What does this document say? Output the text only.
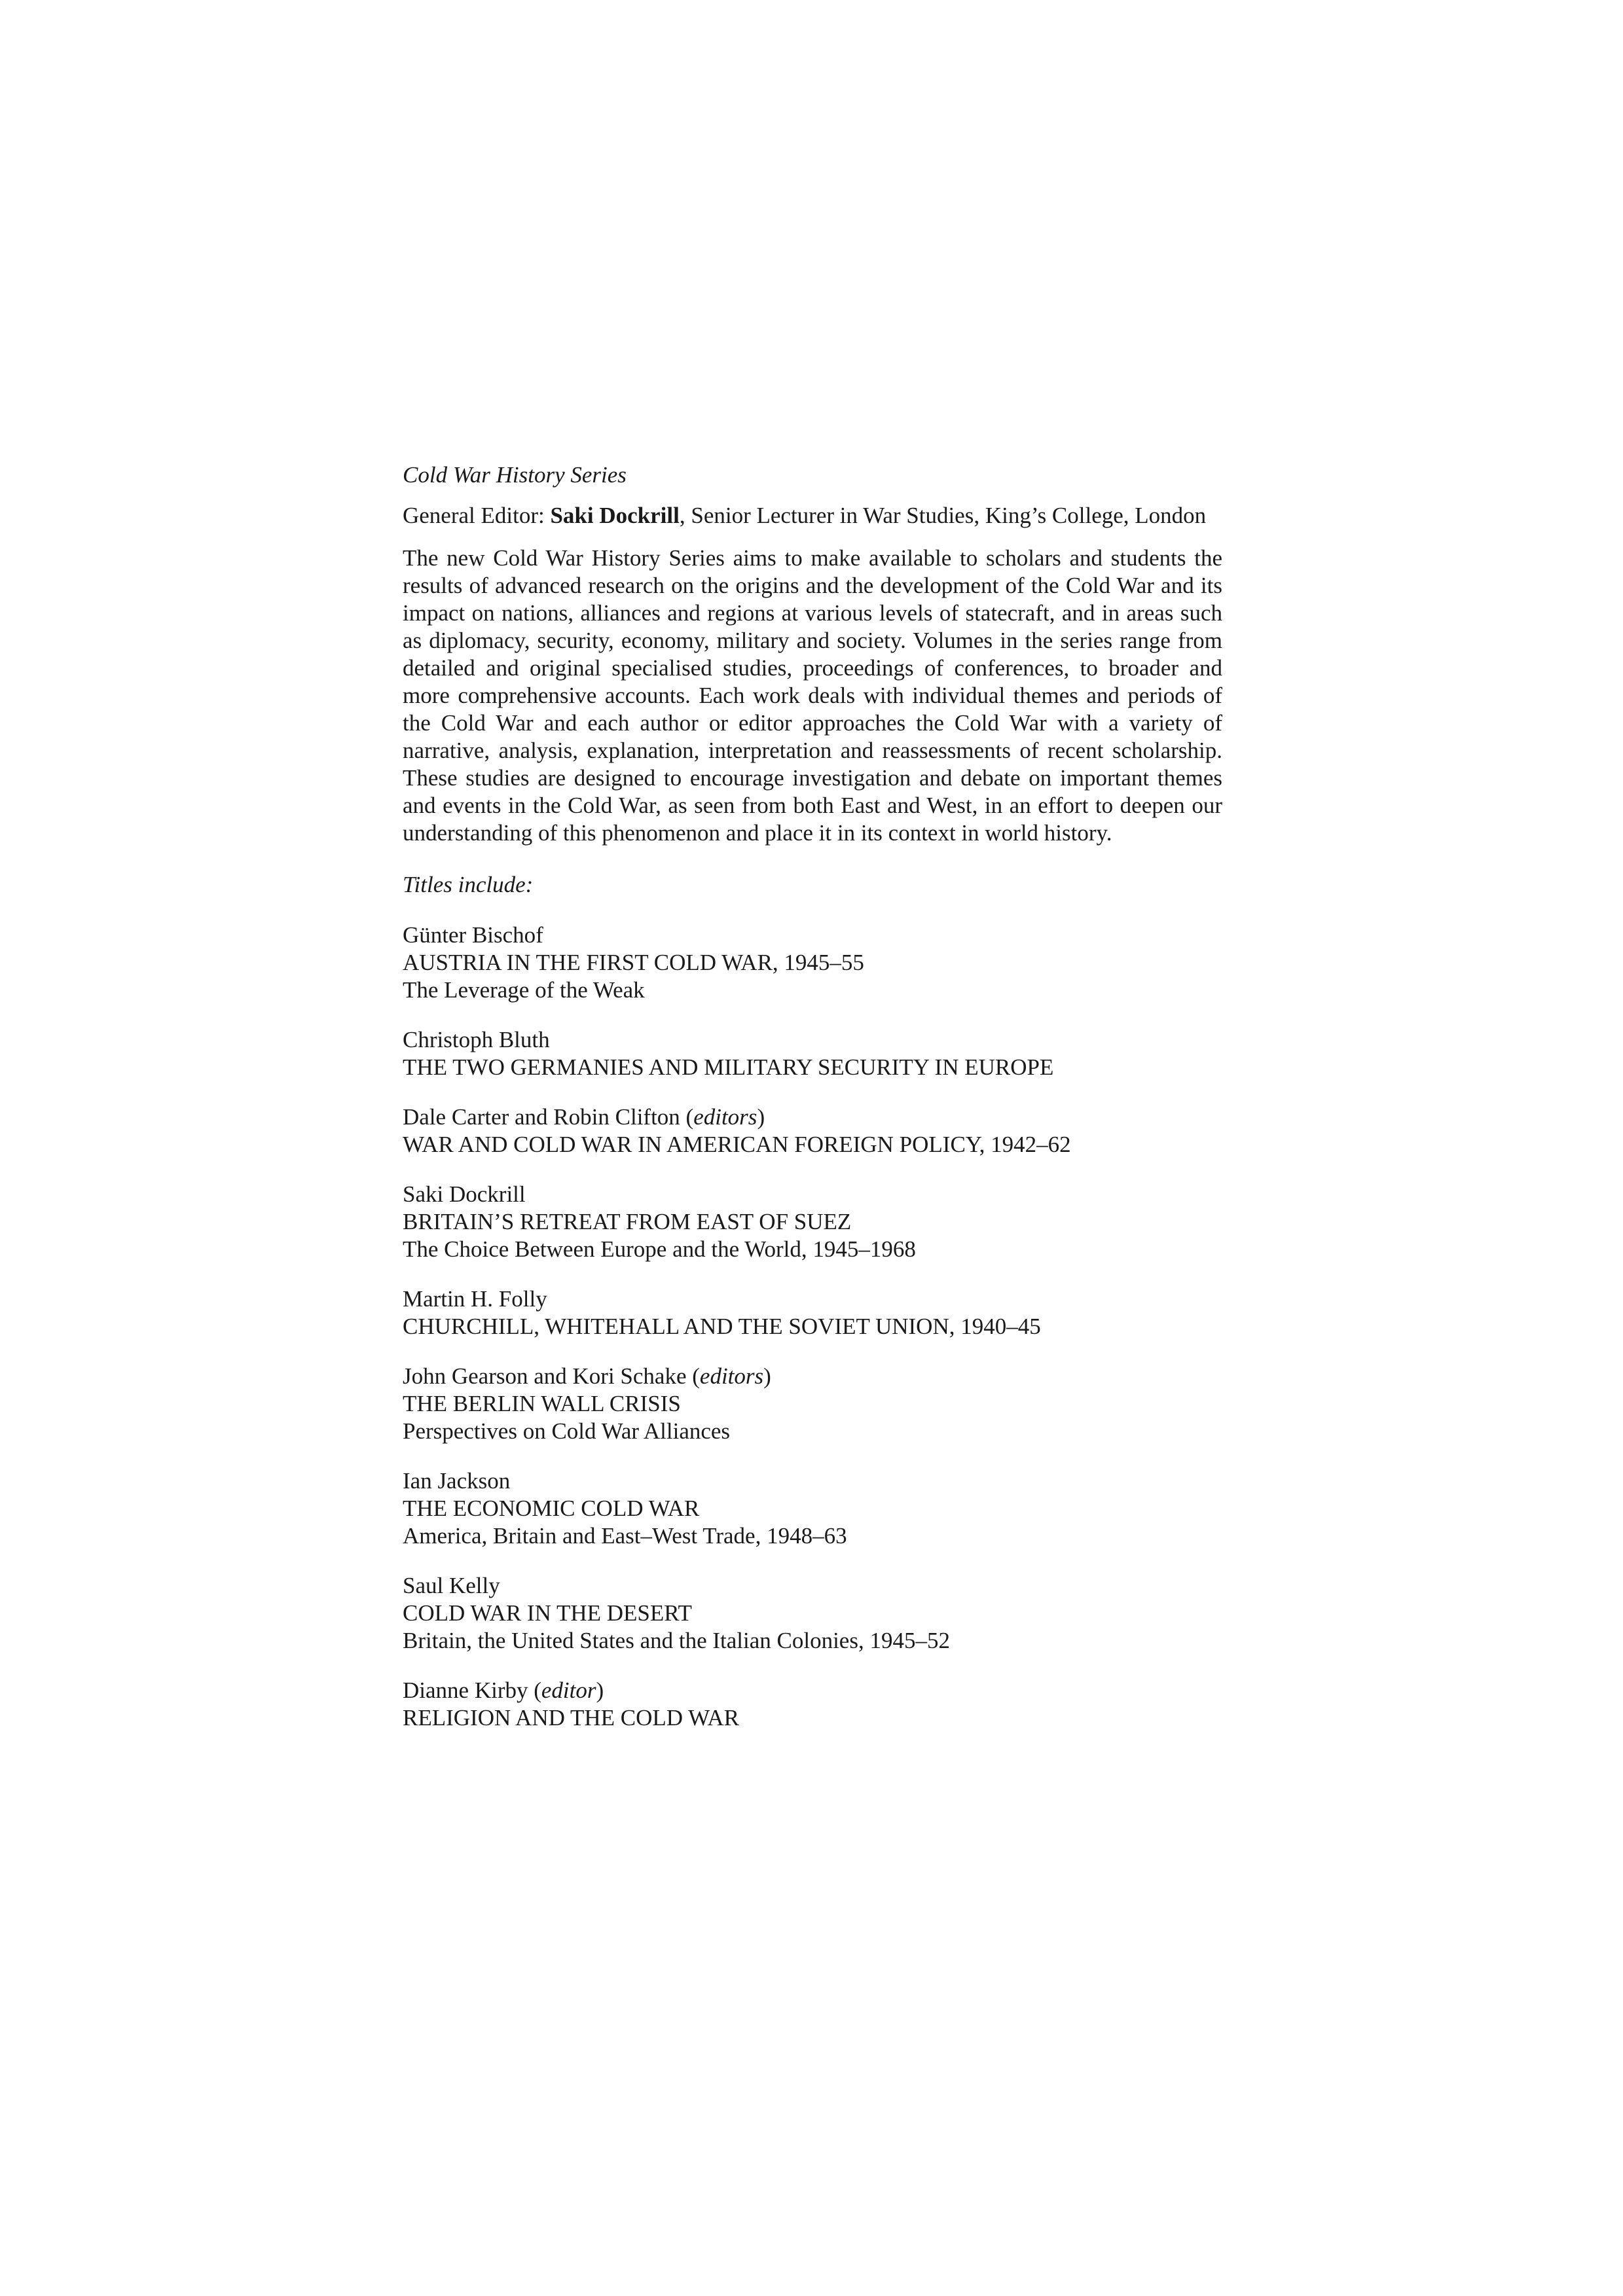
Cold War History Series
General Editor: Saki Dockrill, Senior Lecturer in War Studies, King’s College, London
The new Cold War History Series aims to make available to scholars and students the results of advanced research on the origins and the development of the Cold War and its impact on nations, alliances and regions at various levels of statecraft, and in areas such as diplomacy, security, economy, military and society. Volumes in the series range from detailed and original specialised studies, proceedings of conferences, to broader and more comprehensive accounts. Each work deals with individual themes and periods of the Cold War and each author or editor approaches the Cold War with a variety of narrative, analysis, explanation, interpretation and reassessments of recent scholarship. These studies are designed to encourage investigation and debate on important themes and events in the Cold War, as seen from both East and West, in an effort to deepen our understanding of this phenomenon and place it in its context in world history.
Titles include:
Günter Bischof
AUSTRIA IN THE FIRST COLD WAR, 1945–55
The Leverage of the Weak
Christoph Bluth
THE TWO GERMANIES AND MILITARY SECURITY IN EUROPE
Dale Carter and Robin Clifton (editors)
WAR AND COLD WAR IN AMERICAN FOREIGN POLICY, 1942–62
Saki Dockrill
BRITAIN’S RETREAT FROM EAST OF SUEZ
The Choice Between Europe and the World, 1945–1968
Martin H. Folly
CHURCHILL, WHITEHALL AND THE SOVIET UNION, 1940–45
John Gearson and Kori Schake (editors)
THE BERLIN WALL CRISIS
Perspectives on Cold War Alliances
Ian Jackson
THE ECONOMIC COLD WAR
America, Britain and East–West Trade, 1948–63
Saul Kelly
COLD WAR IN THE DESERT
Britain, the United States and the Italian Colonies, 1945–52
Dianne Kirby (editor)
RELIGION AND THE COLD WAR
